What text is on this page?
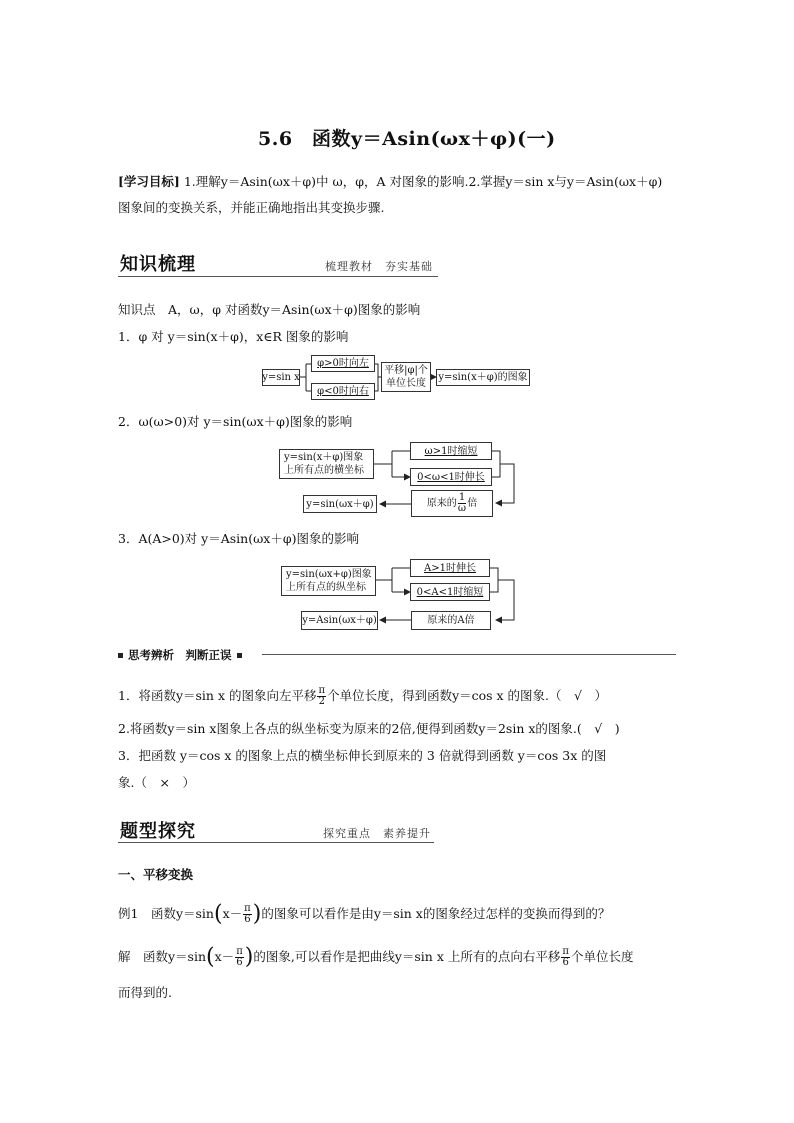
5.6　函数y＝Asin(ωx＋φ)(一)
[学习目标] 1.理解y＝Asin(ωx＋φ)中 ω，φ，A 对图象的影响.2.掌握y＝sin x与y＝Asin(ωx＋φ)
图象间的变换关系，并能正确地指出其变换步骤.
知识梳理	梳理教材　夯实基础
知识点　A，ω，φ 对函数y＝Asin(ωx＋φ)图象的影响
1．φ 对 y＝sin(x＋φ)，x∈R 图象的影响
y=sin x
φ>0时向左
φ<0时向右
平移|φ|个单位长度
y=sin(x＋φ)的图象
2．ω(ω>0)对 y＝sin(ωx＋φ)图象的影响
y=sin(x＋φ)图象上所有点的横坐标
ω>1时缩短
0<ω<1时伸长
原来的 $\frac{1}{\omega}$ 倍
y=sin(ωx＋φ)
3．A(A>0)对 y＝Asin(ωx＋φ)图象的影响
y=sin(ωx+φ)图象上所有点的纵坐标
A>1时伸长
0<A<1时缩短
原来的A倍
y=Asin(ωx＋φ)
思考辨析　判断正误
1．将函数y＝sin x 的图象向左平移 $\frac{\pi}{2}$ 个单位长度，得到函数y＝cos x 的图象.（　√　）
2.将函数y＝sin x图象上各点的纵坐标变为原来的2倍,便得到函数y＝2sin x的图象.(　√　)
3．把函数 y＝cos x 的图象上点的横坐标伸长到原来的 3 倍就得到函数 y＝cos 3x 的图
象.（　×　）
题型探究	探究重点　素养提升
一、平移变换
例1　函数$y=\sin(x- \frac{\pi}{6}$ )的图象可以看作是由y＝sin x的图象经过怎样的变换而得到的？
解　函数$y=\sin(x- \frac{\pi}{6}$ )的图象,可以看作是把曲线y＝sin x 上所有的点向右平移 $\frac{\pi}{6}$ 个单位长度
而得到的.
